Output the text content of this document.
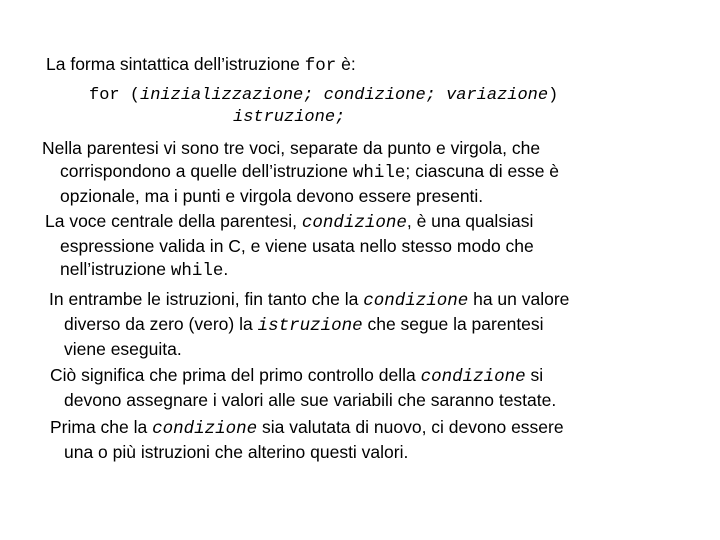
La forma sintattica dell’istruzione for è:
for (inizializzazione; condizione; variazione)
istruzione;
Nella parentesi vi sono tre voci, separate da punto e virgola, che
corrispondono a quelle dell’istruzione while; ciascuna di esse è
opzionale, ma i punti e virgola devono essere presenti.
La voce centrale della parentesi, condizione, è una qualsiasi
espressione valida in C, e viene usata nello stesso modo che
nell’istruzione while.
In entrambe le istruzioni, fin tanto che la condizione ha un valore
diverso da zero (vero) la istruzione che segue la parentesi
viene eseguita.
Ciò significa che prima del primo controllo della condizione si
devono assegnare i valori alle sue variabili che saranno testate.
Prima che la condizione sia valutata di nuovo, ci devono essere
una o più istruzioni che alterino questi valori.
